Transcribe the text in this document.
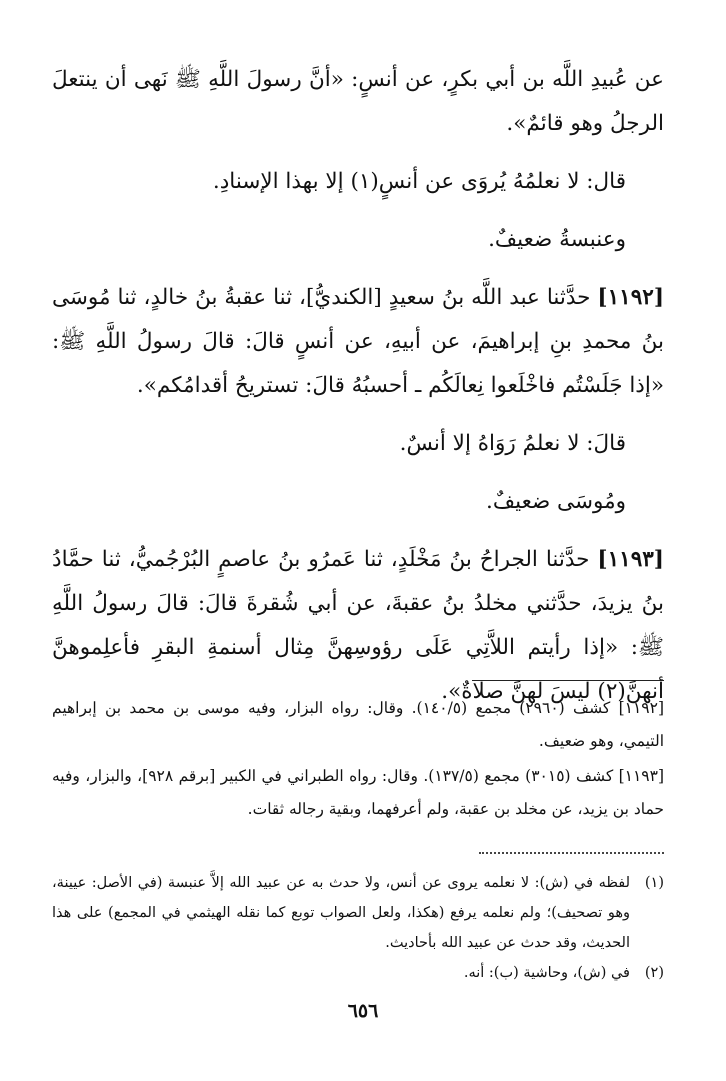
عن عُبيدِ اللَّه بن أبي بكرٍ، عن أنسٍ: «أنَّ رسولَ اللَّهِ ﷺ نَهى أن ينتعلَ الرجلُ وهو قائمٌ».

قال: لا نعلمُهُ يُروَى عن أنسٍ(١) إلا بهذا الإسنادِ.

وعنبسةُ ضعيفٌ.

[١١٩٢] حدَّثنا عبد اللَّه بنُ سعيدٍ [الكنديُّ]، ثنا عقبةُ بنُ خالدٍ، ثنا مُوسَى بنُ محمدِ بنِ إبراهيمَ، عن أبيهِ، عن أنسٍ قالَ: قالَ رسولُ اللَّهِ ﷺ: «إذا جَلَسْتُم فاخْلَعوا نِعالَكُم ـ أحسبُهُ قالَ: تستريحُ أقدامُكم».

قالَ: لا نعلمُ رَوَاهُ إلا أنسٌ.

ومُوسَى ضعيفٌ.

[١١٩٣] حدَّثنا الجراحُ بنُ مَخْلَدٍ، ثنا عَمرُو بنُ عاصمٍ البُرْجُميُّ، ثنا حمَّادُ بنُ يزيدَ، حدَّثني مخلدُ بنُ عقبةَ، عن أبي شُقرةَ قالَ: قالَ رسولُ اللَّهِ ﷺ: «إذا رأيتم اللاَّتِي عَلَى رؤوسِهنَّ مِثال أسنمةِ البقرِ فأعلِموهنَّ أنهنَّ(٢) ليسَ لهنَّ صلاةٌ».

[١١٩٢] كشف (٢٩٦٠) مجمع (١٤٠/٥). وقال: رواه البزار، وفيه موسى بن محمد بن إبراهيم التيمي، وهو ضعيف.

[١١٩٣] كشف (٣٠١٥) مجمع (١٣٧/٥). وقال: رواه الطبراني في الكبير [برقم ٩٢٨]، والبزار، وفيه حماد بن يزيد، عن مخلد بن عقبة، ولم أعرفهما، وبقية رجاله ثقات.

(١)
لفظه في (ش): لا نعلمه يروى عن أنس، ولا حدث به عن عبيد الله إلاَّ عنبسة (في الأصل: عيينة، وهو تصحيف)؛ ولم نعلمه يرفع (هكذا، ولعل الصواب توبع كما نقله الهيثمي في المجمع) على هذا الحديث، وقد حدث عن عبيد الله بأحاديث.
(٢)
في (ش)، وحاشية (ب): أنه.
٦٥٦
